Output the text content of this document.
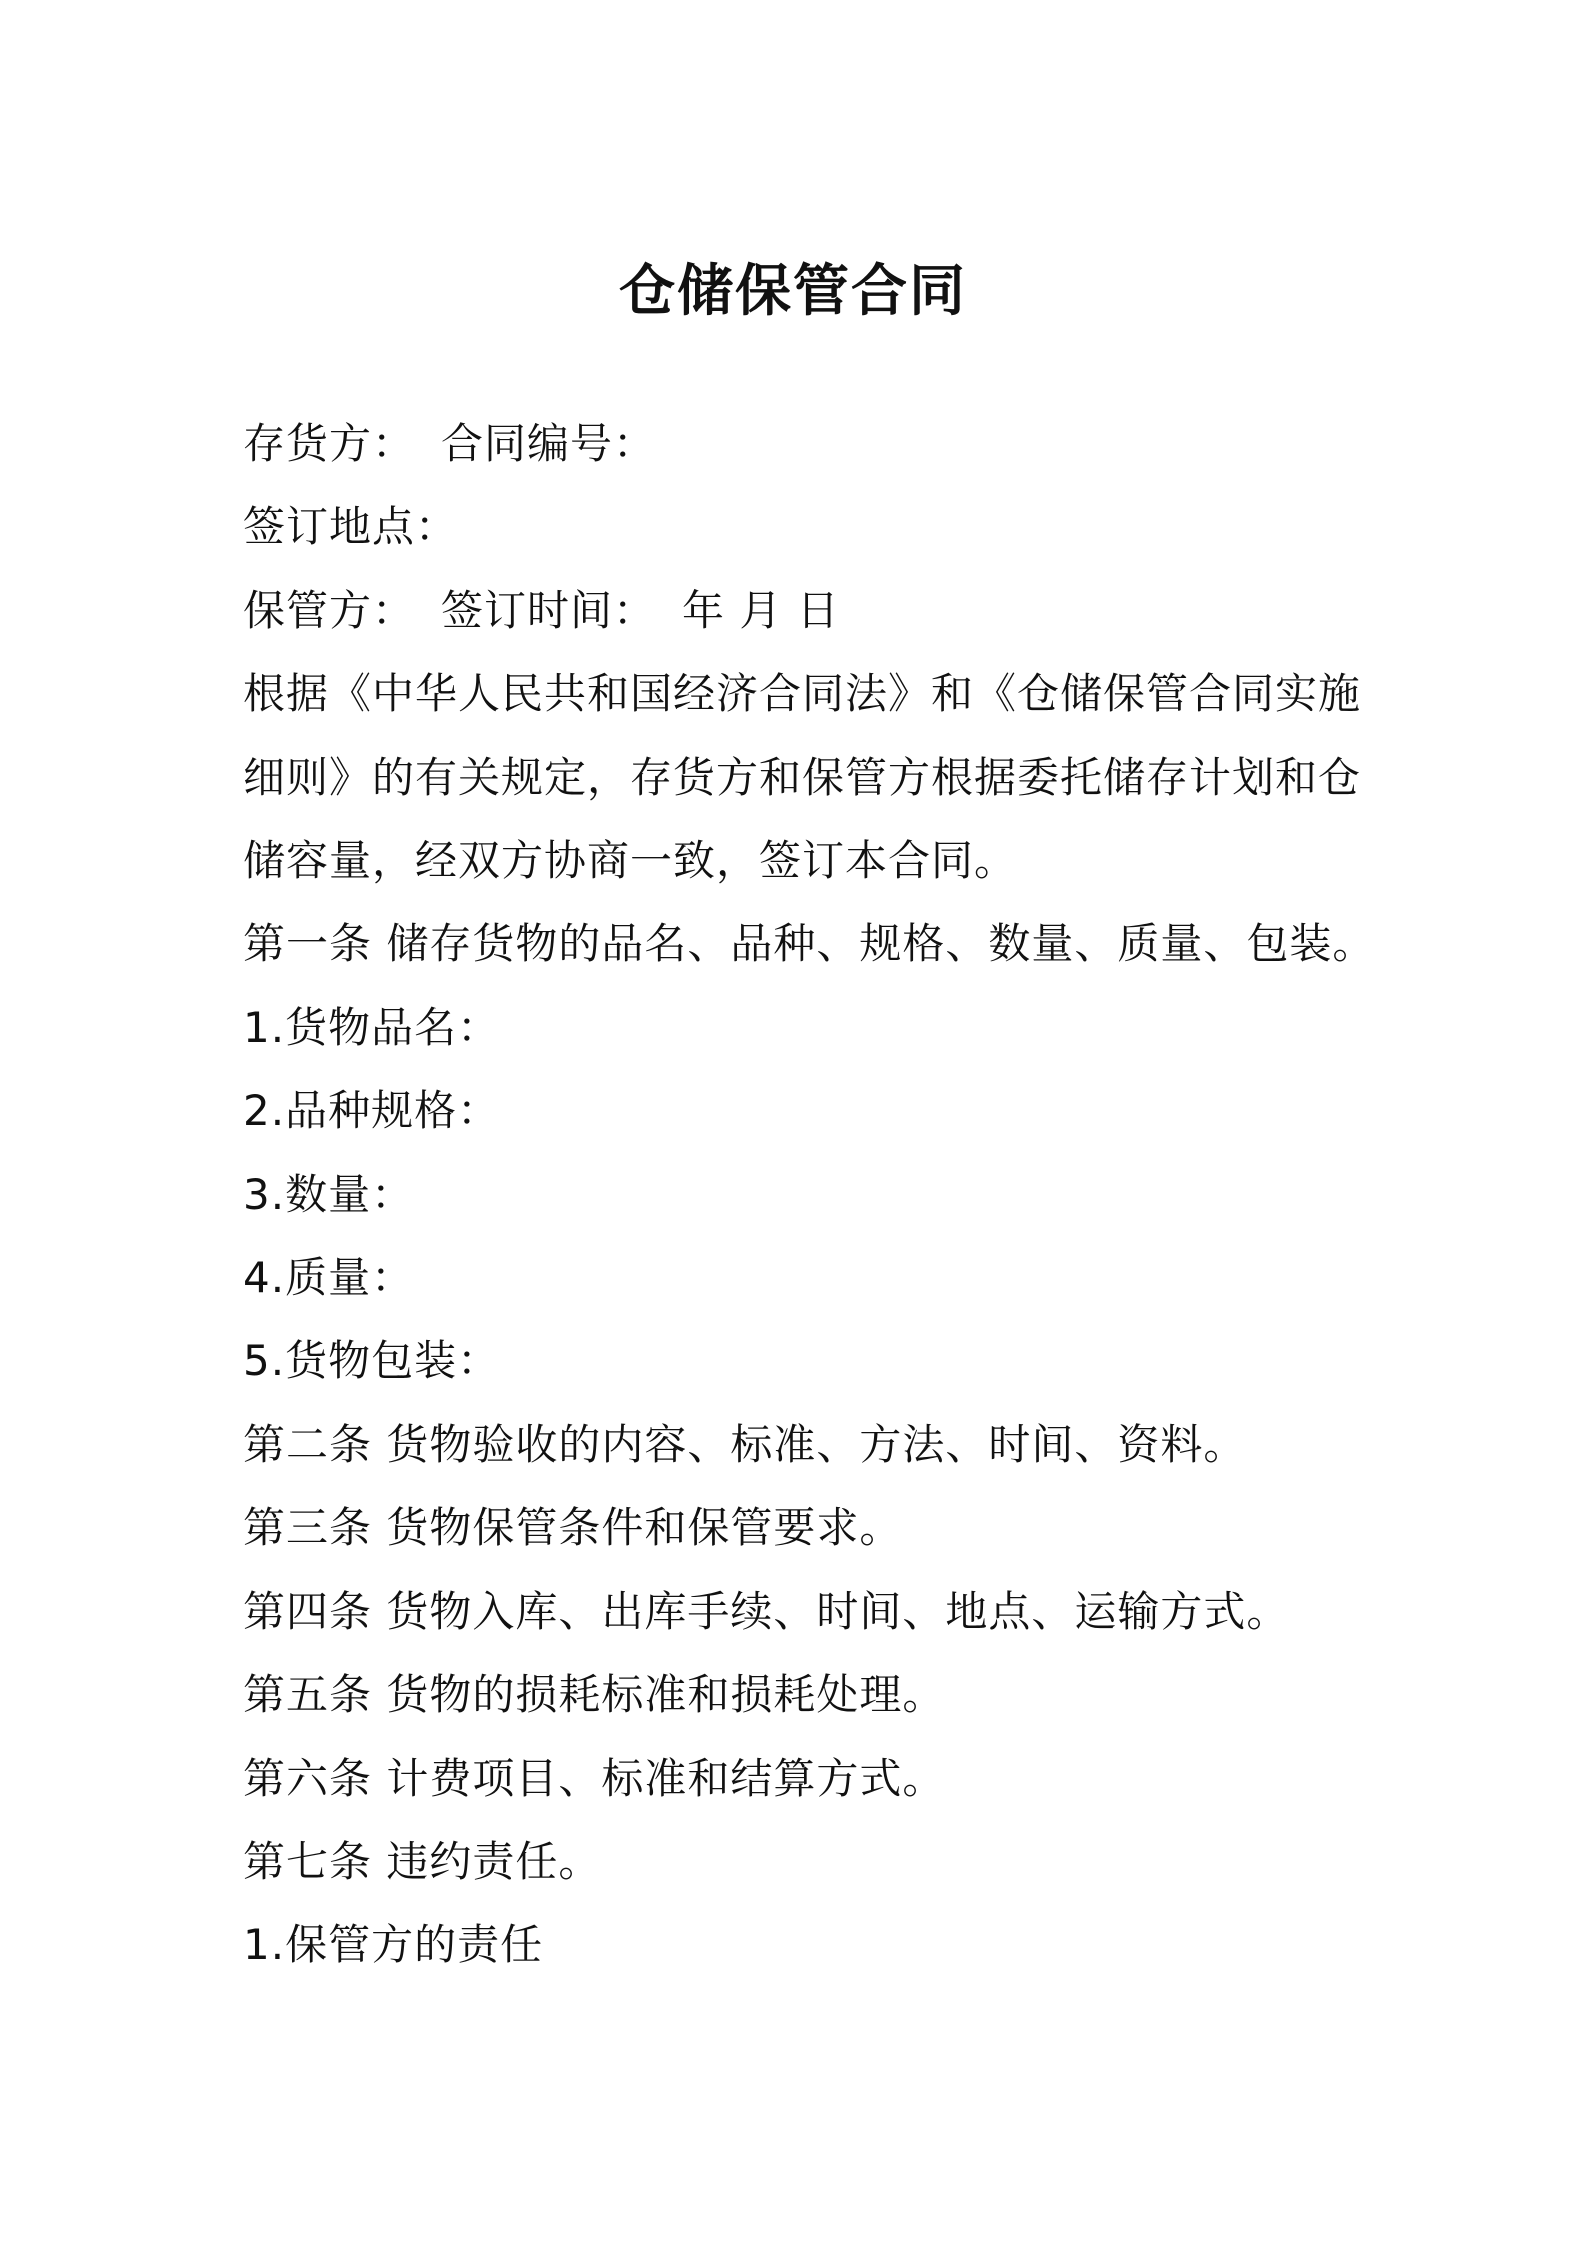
仓储保管合同
存货方： 合同编号：
签订地点：
保管方： 签订时间： 年 月 日
根据《中华人民共和国经济合同法》和《仓储保管合同实施
细则》的有关规定，存货方和保管方根据委托储存计划和仓
储容量，经双方协商一致，签订本合同。
第一条 储存货物的品名、品种、规格、数量、质量、包装。
1.货物品名：
2.品种规格：
3.数量：
4.质量：
5.货物包装：
第二条 货物验收的内容、标准、方法、时间、资料。
第三条 货物保管条件和保管要求。
第四条 货物入库、出库手续、时间、地点、运输方式。
第五条 货物的损耗标准和损耗处理。
第六条 计费项目、标准和结算方式。
第七条 违约责任。
1.保管方的责任
